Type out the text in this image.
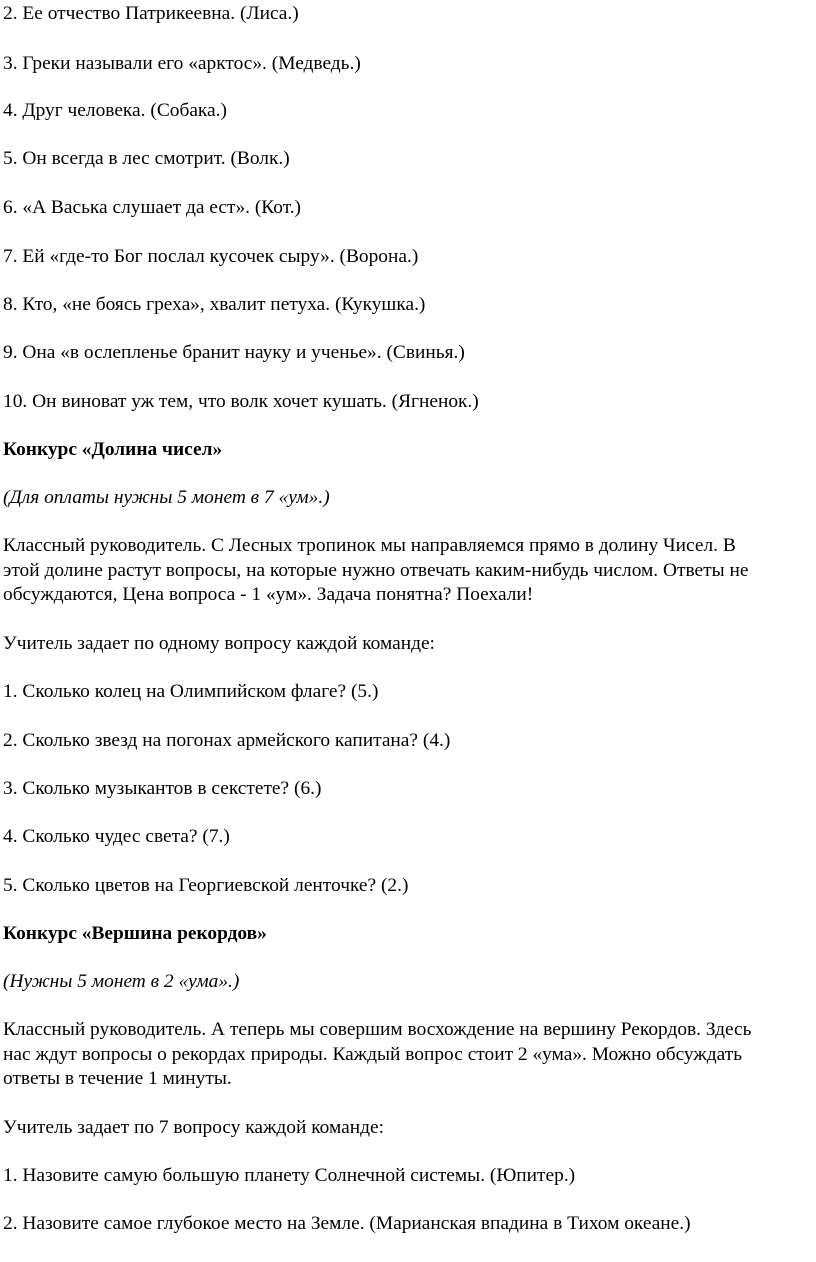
2. Ее отчество Патрикеевна. (Лиса.)

3. Греки называли его «арктос». (Медведь.)

4. Друг человека. (Собака.)

5. Он всегда в лес смотрит. (Волк.)

6. «А Васька слушает да ест». (Кот.)

7. Ей «где-то Бог послал кусочек сыру». (Ворона.)

8. Кто, «не боясь греха», хвалит петуха. (Кукушка.)

9. Она «в ослепленье бранит науку и ученье». (Свинья.)

10. Он виноват уж тем, что волк хочет кушать. (Ягненок.)

Конкурс «Долина чисел»

(Для оплаты нужны 5 монет в 7 «ум».)

Классный руководитель. С Лесных тропинок мы направляемся прямо в долину Чисел. В

этой долине растут вопросы, на которые нужно отвечать каким-нибудь числом. Ответы не

обсуждаются, Цена вопроса - 1 «ум». Задача понятна? Поехали!

Учитель задает по одному вопросу каждой команде:

1. Сколько колец на Олимпийском флаге? (5.)

2. Сколько звезд на погонах армейского капитана? (4.)

3. Сколько музыкантов в секстете? (6.)

4. Сколько чудес света? (7.)

5. Сколько цветов на Георгиевской ленточке? (2.)

Конкурс «Вершина рекордов»

(Нужны 5 монет в 2 «ума».)

Классный руководитель. А теперь мы совершим восхождение на вершину Рекордов. Здесь

нас ждут вопросы о рекордах природы. Каждый вопрос стоит 2 «ума». Можно обсуждать

ответы в течение 1 минуты.

Учитель задает по 7 вопросу каждой команде:

1. Назовите самую большую планету Солнечной системы. (Юпитер.)

2. Назовите самое глубокое место на Земле. (Марианская впадина в Тихом океане.)
